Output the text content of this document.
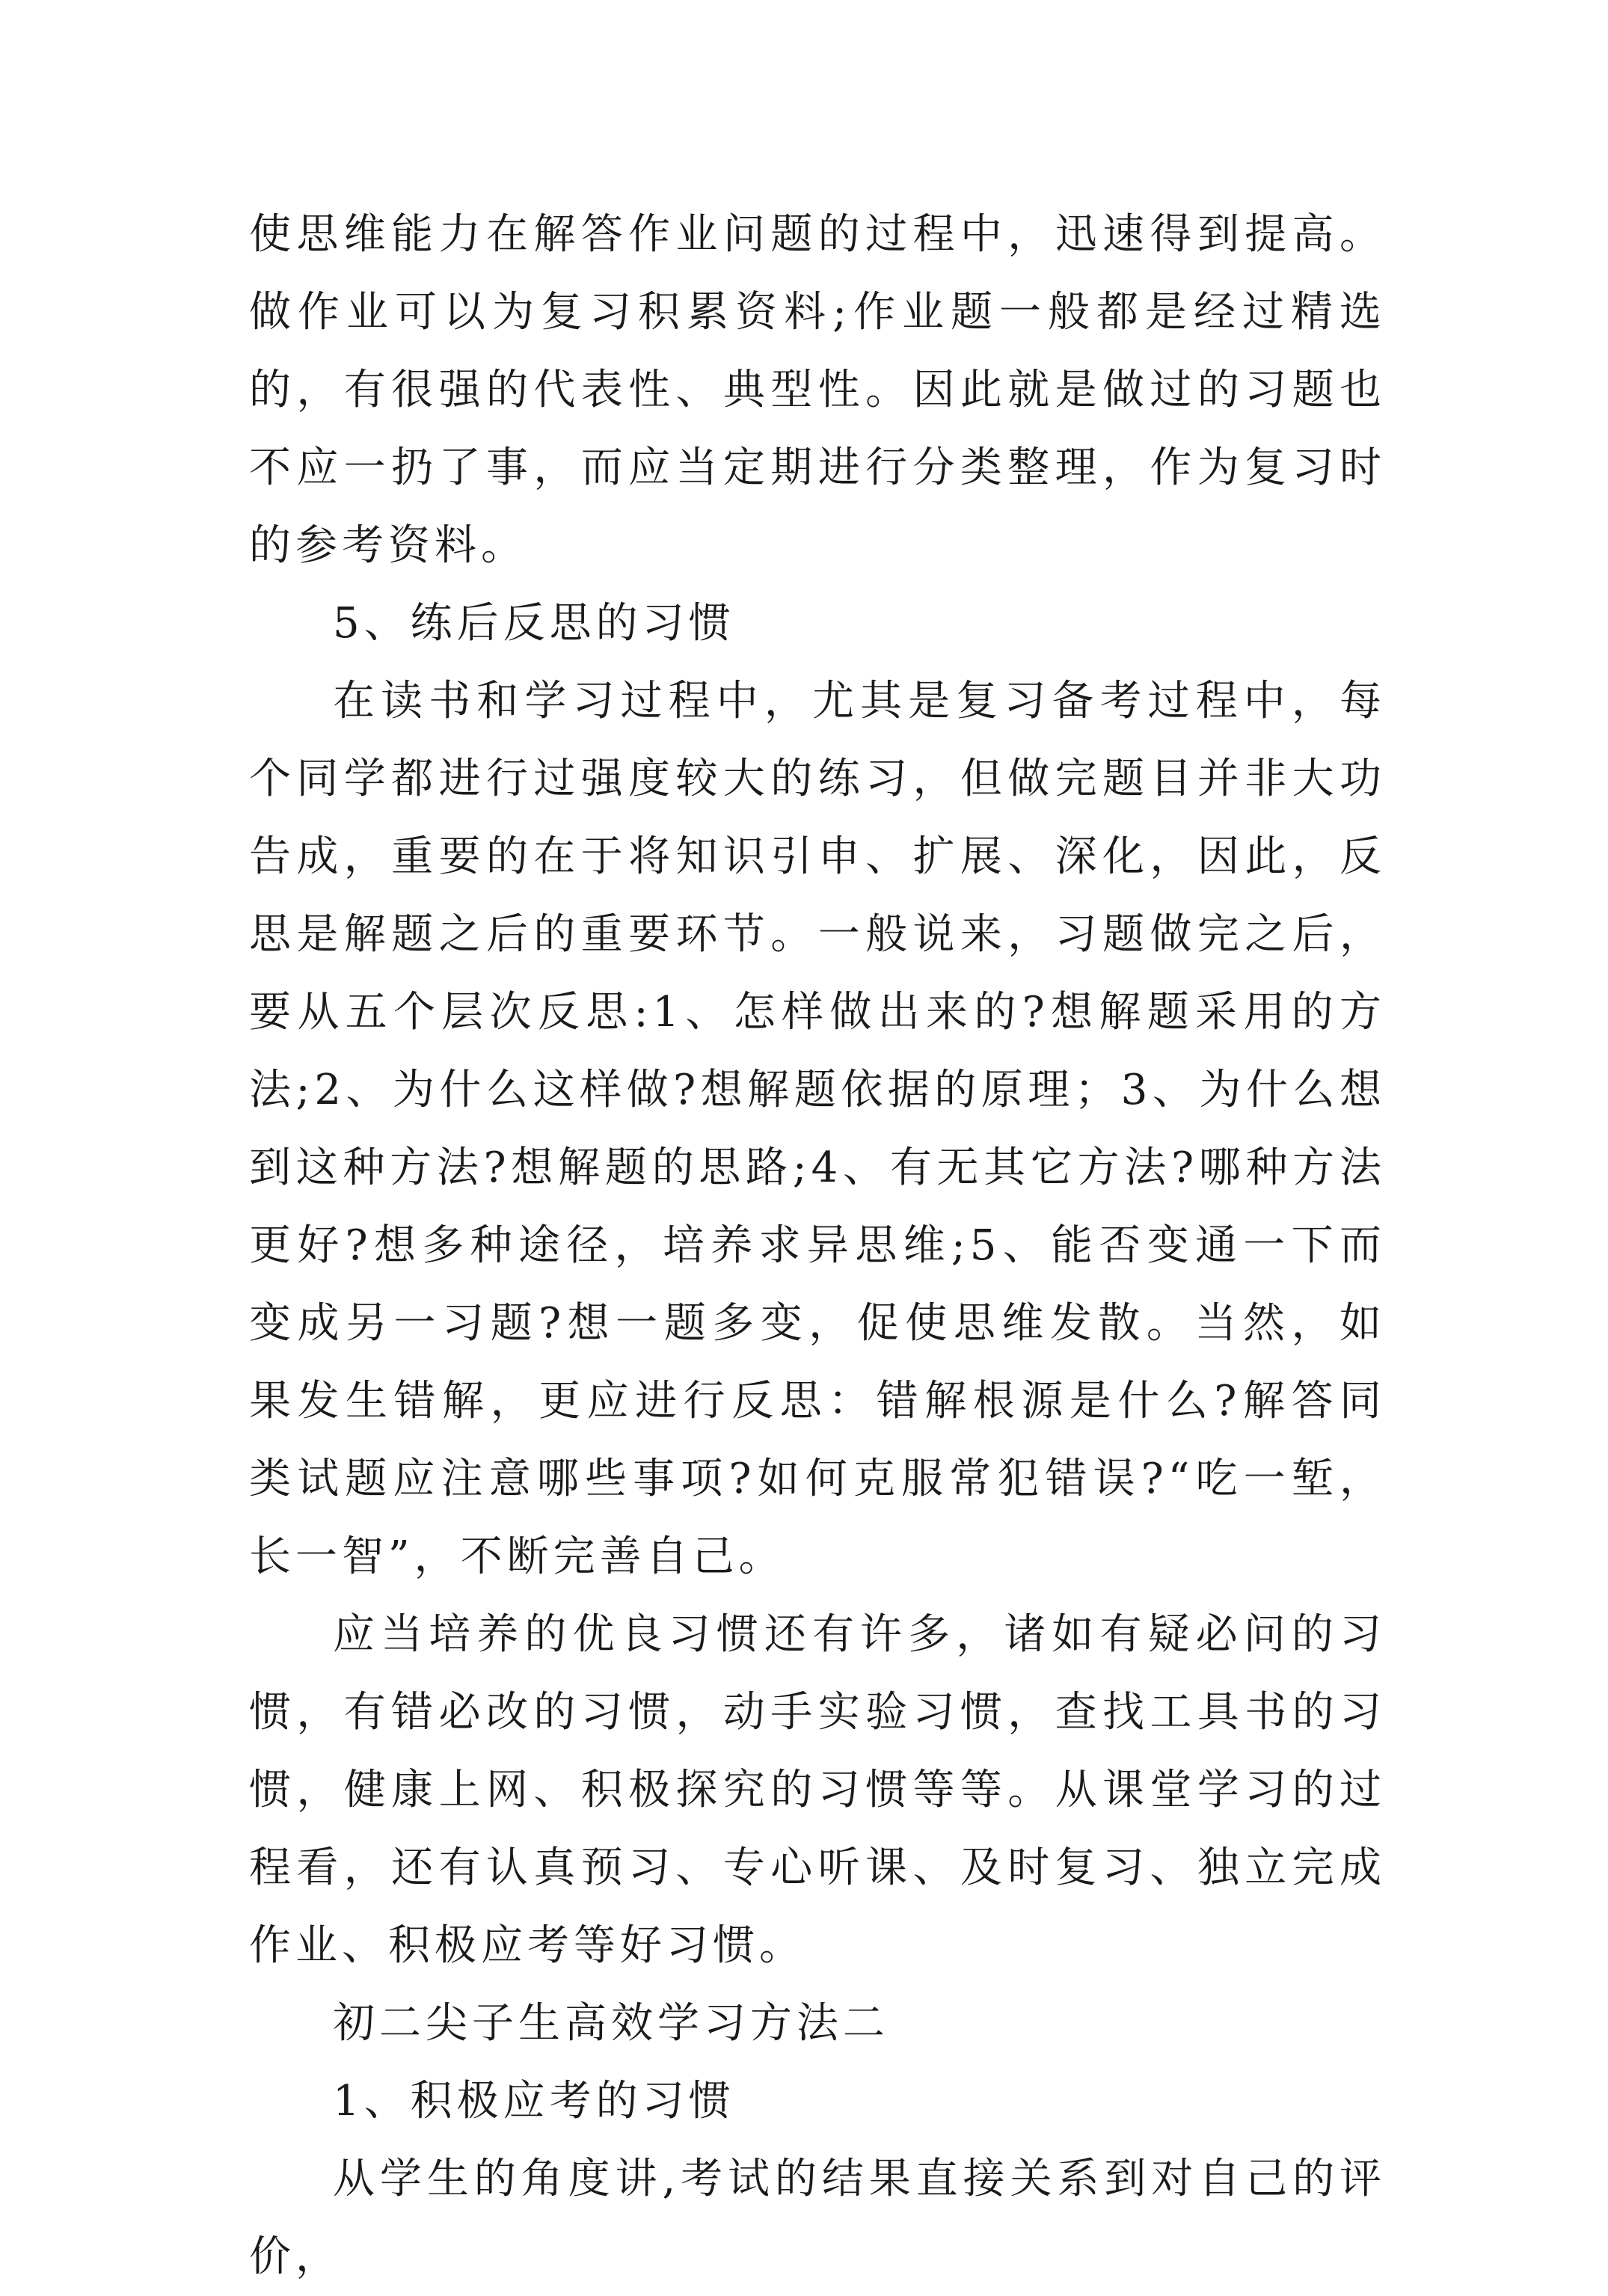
使思维能力在解答作业问题的过程中，迅速得到提高。做作业可以为复习积累资料;作业题一般都是经过精选的，有很强的代表性、典型性。因此就是做过的习题也不应一扔了事，而应当定期进行分类整理，作为复习时的参考资料。

5、练后反思的习惯

在读书和学习过程中，尤其是复习备考过程中，每个同学都进行过强度较大的练习，但做完题目并非大功告成，重要的在于将知识引申、扩展、深化，因此，反思是解题之后的重要环节。一般说来，习题做完之后，要从五个层次反思:1、怎样做出来的?想解题采用的方法;2、为什么这样做?想解题依据的原理；3、为什么想到这种方法?想解题的思路;4、有无其它方法?哪种方法更好?想多种途径，培养求异思维;5、能否变通一下而变成另一习题?想一题多变，促使思维发散。当然，如果发生错解，更应进行反思：错解根源是什么?解答同类试题应注意哪些事项?如何克服常犯错误?“吃一堑，长一智”，不断完善自己。

应当培养的优良习惯还有许多，诸如有疑必问的习惯，有错必改的习惯，动手实验习惯，查找工具书的习惯，健康上网、积极探究的习惯等等。从课堂学习的过程看，还有认真预习、专心听课、及时复习、独立完成作业、积极应考等好习惯。

初二尖子生高效学习方法二

1、积极应考的习惯

从学生的角度讲,考试的结果直接关系到对自己的评价，
